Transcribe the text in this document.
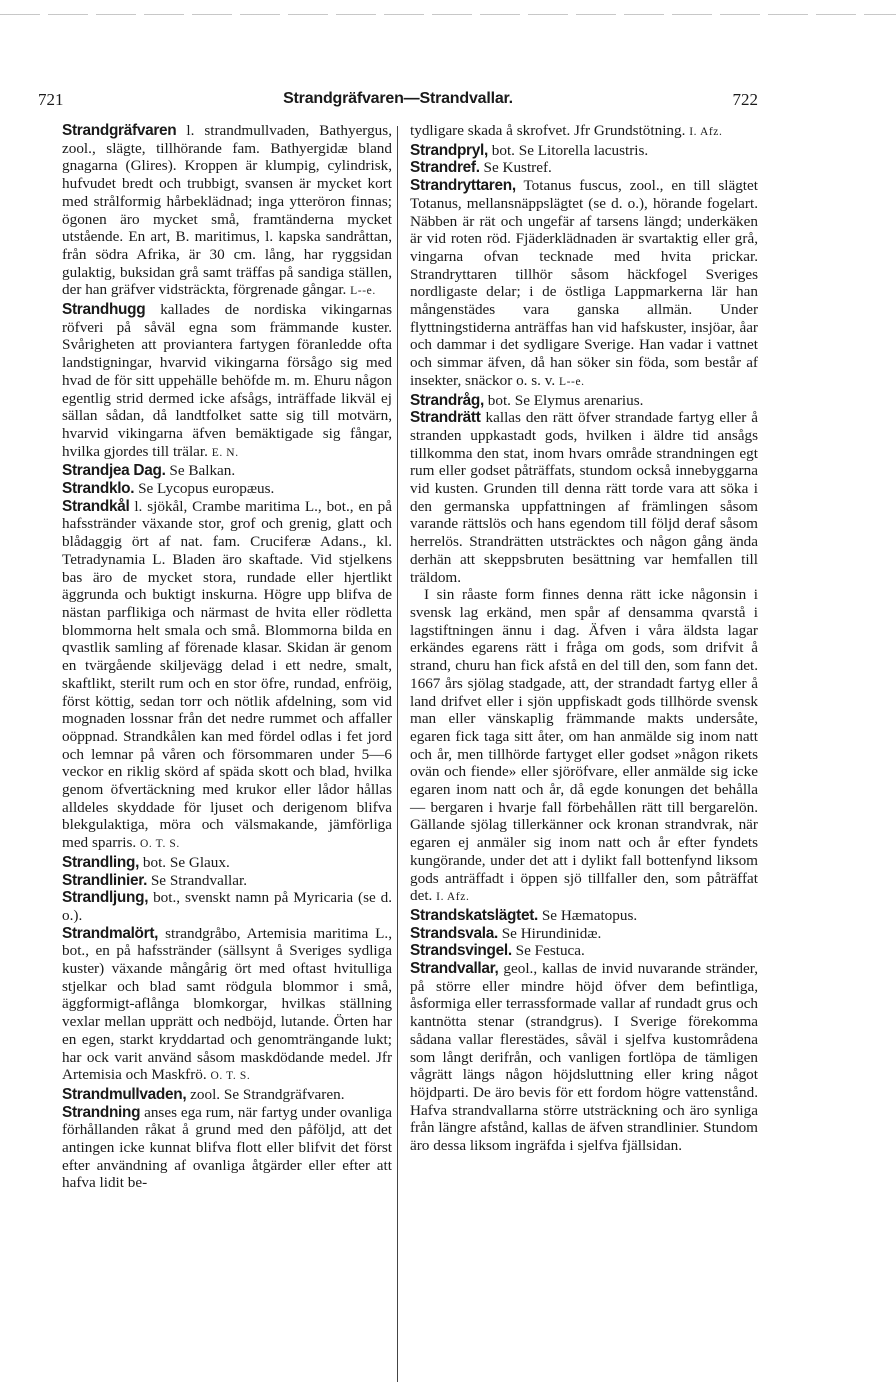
721	Strandgräfvaren—Strandvallar.	722

Strandgräfvaren l. strandmullvaden, Bathyergus, zool., slägte, tillhörande fam. Bathyergidæ bland gnagarna (Glires). Kroppen är klumpig, cylindrisk, hufvudet bredt och trubbigt, svansen är mycket kort med strålformig hårbeklädnad; inga ytteröron finnas; ögonen äro mycket små, framtänderna mycket utstående. En art, B. maritimus, l. kapska sandråttan, från södra Afrika, är 30 cm. lång, har ryggsidan gulaktig, buksidan grå samt träffas på sandiga ställen, der han gräfver vidsträckta, förgrenade gångar. L--e.

Strandhugg kallades de nordiska vikingarnas röfveri på såväl egna som främmande kuster. Svårigheten att proviantera fartygen föranledde ofta landstigningar, hvarvid vikingarna försågo sig med hvad de för sitt uppehälle behöfde m. m. Ehuru någon egentlig strid dermed icke afsågs, inträffade likväl ej sällan sådan, då landtfolket satte sig till motvärn, hvarvid vikingarna äfven bemäktigade sig fångar, hvilka gjordes till trälar. E. N.

Strandjea Dag. Se Balkan.

Strandklo. Se Lycopus europæus.

Strandkål l. sjökål, Crambe maritima L., bot., en på hafsstränder växande stor, grof och grenig, glatt och blådaggig ört af nat. fam. Cruciferæ Adans., kl. Tetradynamia L. Bladen äro skaftade. Vid stjelkens bas äro de mycket stora, rundade eller hjertlikt äggrunda och buktigt inskurna. Högre upp blifva de nästan parflikiga och närmast de hvita eller rödletta blommorna helt smala och små. Blommorna bilda en qvastlik samling af förenade klasar. Skidan är genom en tvärgående skiljevägg delad i ett nedre, smalt, skaftlikt, sterilt rum och en stor öfre, rundad, enfröig, först köttig, sedan torr och nötlik afdelning, som vid mognaden lossnar från det nedre rummet och affaller oöppnad. Strandkålen kan med fördel odlas i fet jord och lemnar på våren och försommaren under 5—6 veckor en riklig skörd af späda skott och blad, hvilka genom öfvertäckning med krukor eller lådor hållas alldeles skyddade för ljuset och derigenom blifva blekgulaktiga, möra och välsmakande, jämförliga med sparris. O. T. S.

Strandling, bot. Se Glaux.

Strandlinier. Se Strandvallar.

Strandljung, bot., svenskt namn på Myricaria (se d. o.).

Strandmalört, strandgråbo, Artemisia maritima L., bot., en på hafsstränder (sällsynt å Sveriges sydliga kuster) växande mångårig ört med oftast hvitulliga stjelkar och blad samt rödgula blommor i små, äggformigt-aflånga blomkorgar, hvilkas ställning vexlar mellan upprätt och nedböjd, lutande. Örten har en egen, starkt kryddartad och genomträngande lukt; har ock varit använd såsom maskdödande medel. Jfr Artemisia och Maskfrö. O. T. S.

Strandmullvaden, zool. Se Strandgräfvaren.

Strandning anses ega rum, när fartyg under ovanliga förhållanden råkat å grund med den påföljd, att det antingen icke kunnat blifva flott eller blifvit det först efter användning af ovanliga åtgärder eller efter att hafva lidit be-

tydligare skada å skrofvet. Jfr Grundstötning. I. Afz.

Strandpryl, bot. Se Litorella lacustris.

Strandref. Se Kustref.

Strandryttaren, Totanus fuscus, zool., en till slägtet Totanus, mellansnäppslägtet (se d. o.), hörande fogelart. Näbben är rät och ungefär af tarsens längd; underkäken är vid roten röd. Fjäderklädnaden är svartaktig eller grå, vingarna ofvan tecknade med hvita prickar. Strandryttaren tillhör såsom häckfogel Sveriges nordligaste delar; i de östliga Lappmarkerna lär han mångenstädes vara ganska allmän. Under flyttningstiderna anträffas han vid hafskuster, insjöar, åar och dammar i det sydligare Sverige. Han vadar i vattnet och simmar äfven, då han söker sin föda, som består af insekter, snäckor o. s. v. L--e.

Strandråg, bot. Se Elymus arenarius.

Strandrätt kallas den rätt öfver strandade fartyg eller å stranden uppkastadt gods, hvilken i äldre tid ansågs tillkomma den stat, inom hvars område strandningen egt rum eller godset påträffats, stundom också innebyggarna vid kusten. Grunden till denna rätt torde vara att söka i den germanska uppfattningen af främlingen såsom varande rättslös och hans egendom till följd deraf såsom herrelös. Strandrätten utsträcktes och någon gång ända derhän att skeppsbruten besättning var hemfallen till träldom.

I sin råaste form finnes denna rätt icke någonsin i svensk lag erkänd, men spår af densamma qvarstå i lagstiftningen ännu i dag. Äfven i våra äldsta lagar erkändes egarens rätt i fråga om gods, som drifvit å strand, churu han fick afstå en del till den, som fann det. 1667 års sjölag stadgade, att, der strandadt fartyg eller å land drifvet eller i sjön uppfiskadt gods tillhörde svensk man eller vänskaplig främmande makts undersåte, egaren fick taga sitt åter, om han anmälde sig inom natt och år, men tillhörde fartyget eller godset »någon rikets ovän och fiende» eller sjöröfvare, eller anmälde sig icke egaren inom natt och år, då egde konungen det behålla — bergaren i hvarje fall förbehållen rätt till bergarelön. Gällande sjölag tillerkänner ock kronan strandvrak, när egaren ej anmäler sig inom natt och år efter fyndets kungörande, under det att i dylikt fall bottenfynd liksom gods anträffadt i öppen sjö tillfaller den, som påträffat det. I. Afz.

Strandskatslägtet. Se Hæmatopus.

Strandsvala. Se Hirundinidæ.

Strandsvingel. Se Festuca.

Strandvallar, geol., kallas de invid nuvarande stränder, på större eller mindre höjd öfver dem befintliga, åsformiga eller terrassformade vallar af rundadt grus och kantnötta stenar (strandgrus). I Sverige förekomma sådana vallar flerestädes, såväl i sjelfva kustområdena som långt derifrån, och vanligen fortlöpa de tämligen vågrätt längs någon höjdsluttning eller kring något höjdparti. De äro bevis för ett fordom högre vattenstånd. Hafva strandvallarna större utsträckning och äro synliga från längre afstånd, kallas de äfven strandlinier. Stundom äro dessa liksom ingräfda i sjelfva fjällsidan.
